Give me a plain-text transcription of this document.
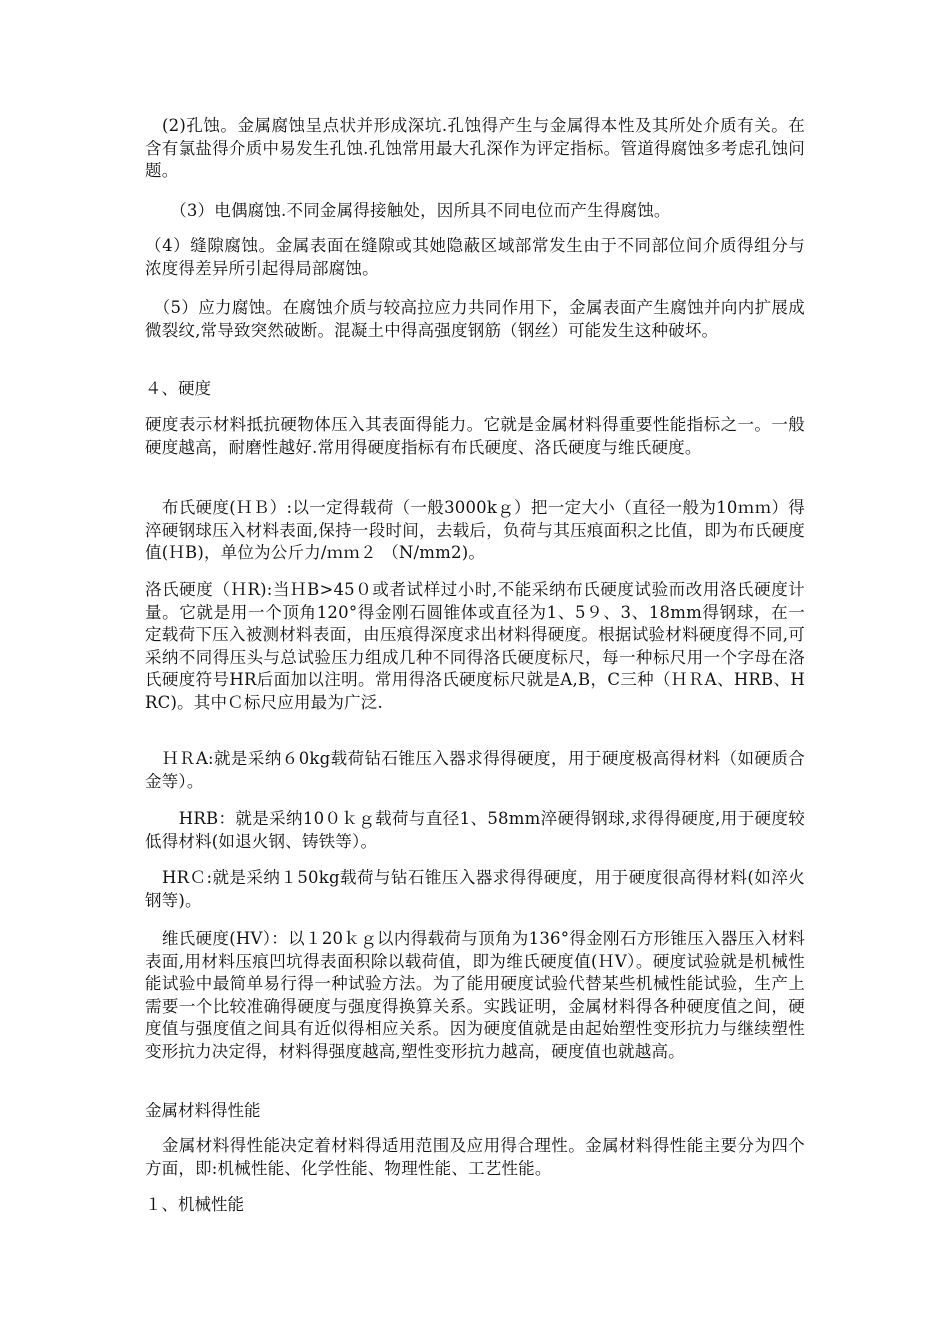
　(2)孔蚀。金属腐蚀呈点状并形成深坑.孔蚀得产生与金属得本性及其所处介质有关。在含有氯盐得介质中易发生孔蚀.孔蚀常用最大孔深作为评定指标。管道得腐蚀多考虑孔蚀问题。

　　（3）电偶腐蚀.不同金属得接触处，因所具不同电位而产生得腐蚀。

（4）缝隙腐蚀。金属表面在缝隙或其她隐蔽区域部常发生由于不同部位间介质得组分与浓度得差异所引起得局部腐蚀。

　（5）应力腐蚀。在腐蚀介质与较高拉应力共同作用下，金属表面产生腐蚀并向内扩展成微裂纹,常导致突然破断。混凝土中得高强度钢筋（钢丝）可能发生这种破坏。

４、硬度

硬度表示材料抵抗硬物体压入其表面得能力。它就是金属材料得重要性能指标之一。一般硬度越高，耐磨性越好.常用得硬度指标有布氏硬度、洛氏硬度与维氏硬度。

　布氏硬度(ＨＢ）:以一定得载荷（一般3000kｇ）把一定大小（直径一般为10ｍｍ）得淬硬钢球压入材料表面,保持一段时间，去载后，负荷与其压痕面积之比值，即为布氏硬度值(ＨB)，单位为公斤力/ｍｍ２ （N/mm2)。

洛氏硬度（ＨR):当ＨB>45０或者试样过小时,不能采纳布氏硬度试验而改用洛氏硬度计量。它就是用一个顶角120°得金刚石圆锥体或直径为1、5９、3、18mm得钢球，在一定载荷下压入被测材料表面，由压痕得深度求出材料得硬度。根据试验材料硬度得不同,可采纳不同得压头与总试验压力组成几种不同得洛氏硬度标尺，每一种标尺用一个字母在洛氏硬度符号HR后面加以注明。常用得洛氏硬度标尺就是A,B，C三种（ＨＲA、HRB、HRC)。其中Ｃ标尺应用最为广泛.

　ＨＲA:就是采纳６0kg载荷钻石锥压入器求得得硬度，用于硬度极高得材料（如硬质合金等）。

　　HRB：就是采纳10０ｋｇ载荷与直径1、58mm淬硬得钢球,求得得硬度,用于硬度较低得材料(如退火钢、铸铁等）。

　HRＣ:就是采纳１50kg载荷与钻石锥压入器求得得硬度，用于硬度很高得材料(如淬火钢等)。

　维氏硬度(HV）：以１20ｋｇ以内得载荷与顶角为136°得金刚石方形锥压入器压入材料表面,用材料压痕凹坑得表面积除以载荷值，即为维氏硬度值(ＨV）。硬度试验就是机械性能试验中最简单易行得一种试验方法。为了能用硬度试验代替某些机械性能试验，生产上需要一个比较准确得硬度与强度得换算关系。实践证明，金属材料得各种硬度值之间，硬度值与强度值之间具有近似得相应关系。因为硬度值就是由起始塑性变形抗力与继续塑性变形抗力决定得，材料得强度越高,塑性变形抗力越高，硬度值也就越高。

金属材料得性能

　金属材料得性能决定着材料得适用范围及应用得合理性。金属材料得性能主要分为四个方面，即:机械性能、化学性能、物理性能、工艺性能。

１、机械性能
